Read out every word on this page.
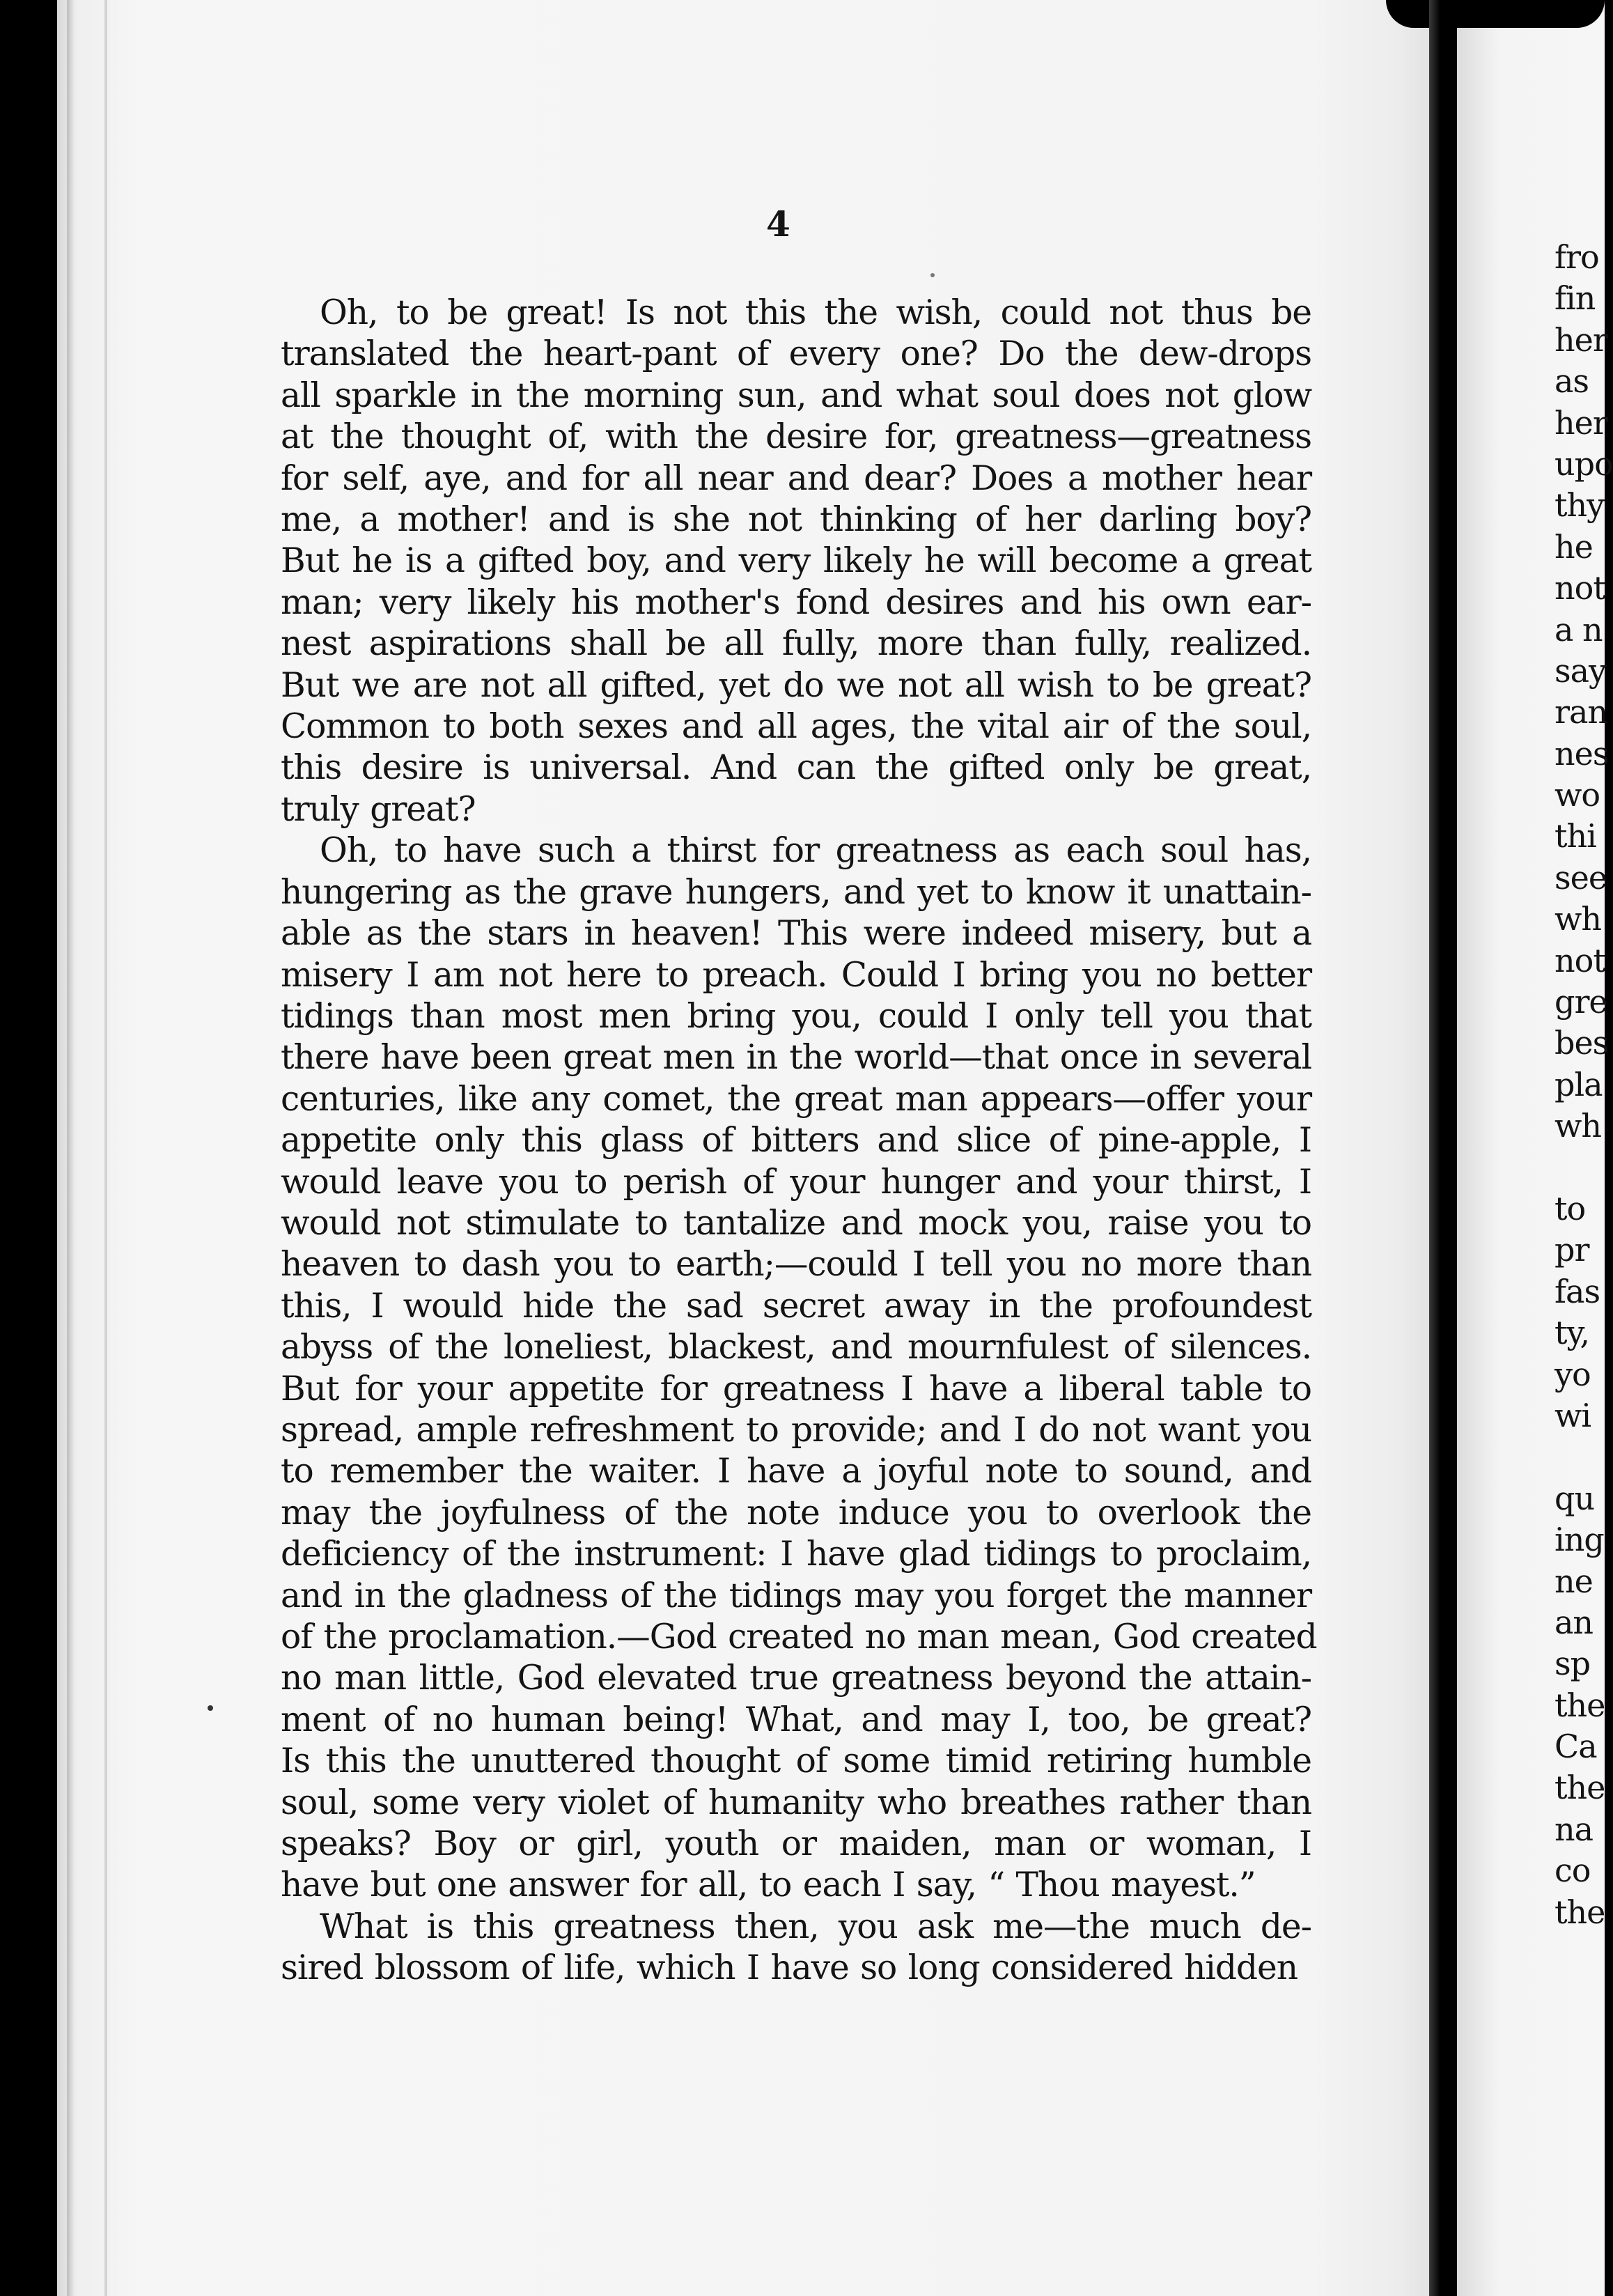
4

Oh, to be great! Is not this the wish, could not thus be
translated the heart-pant of every one? Do the dew-drops
all sparkle in the morning sun, and what soul does not glow
at the thought of, with the desire for, greatness—greatness
for self, aye, and for all near and dear? Does a mother hear
me, a mother! and is she not thinking of her darling boy?
But he is a gifted boy, and very likely he will become a great
man; very likely his mother's fond desires and his own ear-
nest aspirations shall be all fully, more than fully, realized.
But we are not all gifted, yet do we not all wish to be great?
Common to both sexes and all ages, the vital air of the soul,
this desire is universal. And can the gifted only be great,
truly great?
Oh, to have such a thirst for greatness as each soul has,
hungering as the grave hungers, and yet to know it unattain-
able as the stars in heaven! This were indeed misery, but a
misery I am not here to preach. Could I bring you no better
tidings than most men bring you, could I only tell you that
there have been great men in the world—that once in several
centuries, like any comet, the great man appears—offer your
appetite only this glass of bitters and slice of pine-apple, I
would leave you to perish of your hunger and your thirst, I
would not stimulate to tantalize and mock you, raise you to
heaven to dash you to earth;—could I tell you no more than
this, I would hide the sad secret away in the profoundest
abyss of the loneliest, blackest, and mournfulest of silences.
But for your appetite for greatness I have a liberal table to
spread, ample refreshment to provide; and I do not want you
to remember the waiter. I have a joyful note to sound, and
may the joyfulness of the note induce you to overlook the
deficiency of the instrument: I have glad tidings to proclaim,
and in the gladness of the tidings may you forget the manner
of the proclamation.—God created no man mean, God created
no man little, God elevated true greatness beyond the attain-
ment of no human being! What, and may I, too, be great?
Is this the unuttered thought of some timid retiring humble
soul, some very violet of humanity who breathes rather than
speaks? Boy or girl, youth or maiden, man or woman, I
have but one answer for all, to each I say, “ Thou mayest.”
What is this greatness then, you ask me—the much de-
sired blossom of life, which I have so long considered hidden
fro
fin
her
as
her
upo
thy
he
not
a n
say
ran
nes
wo
thi
see
wh
not
gre
bes
pla
wh
to
pr
fas
ty,
yo
wi
qu
ing
ne
an
sp
the
Ca
the
na
co
the
